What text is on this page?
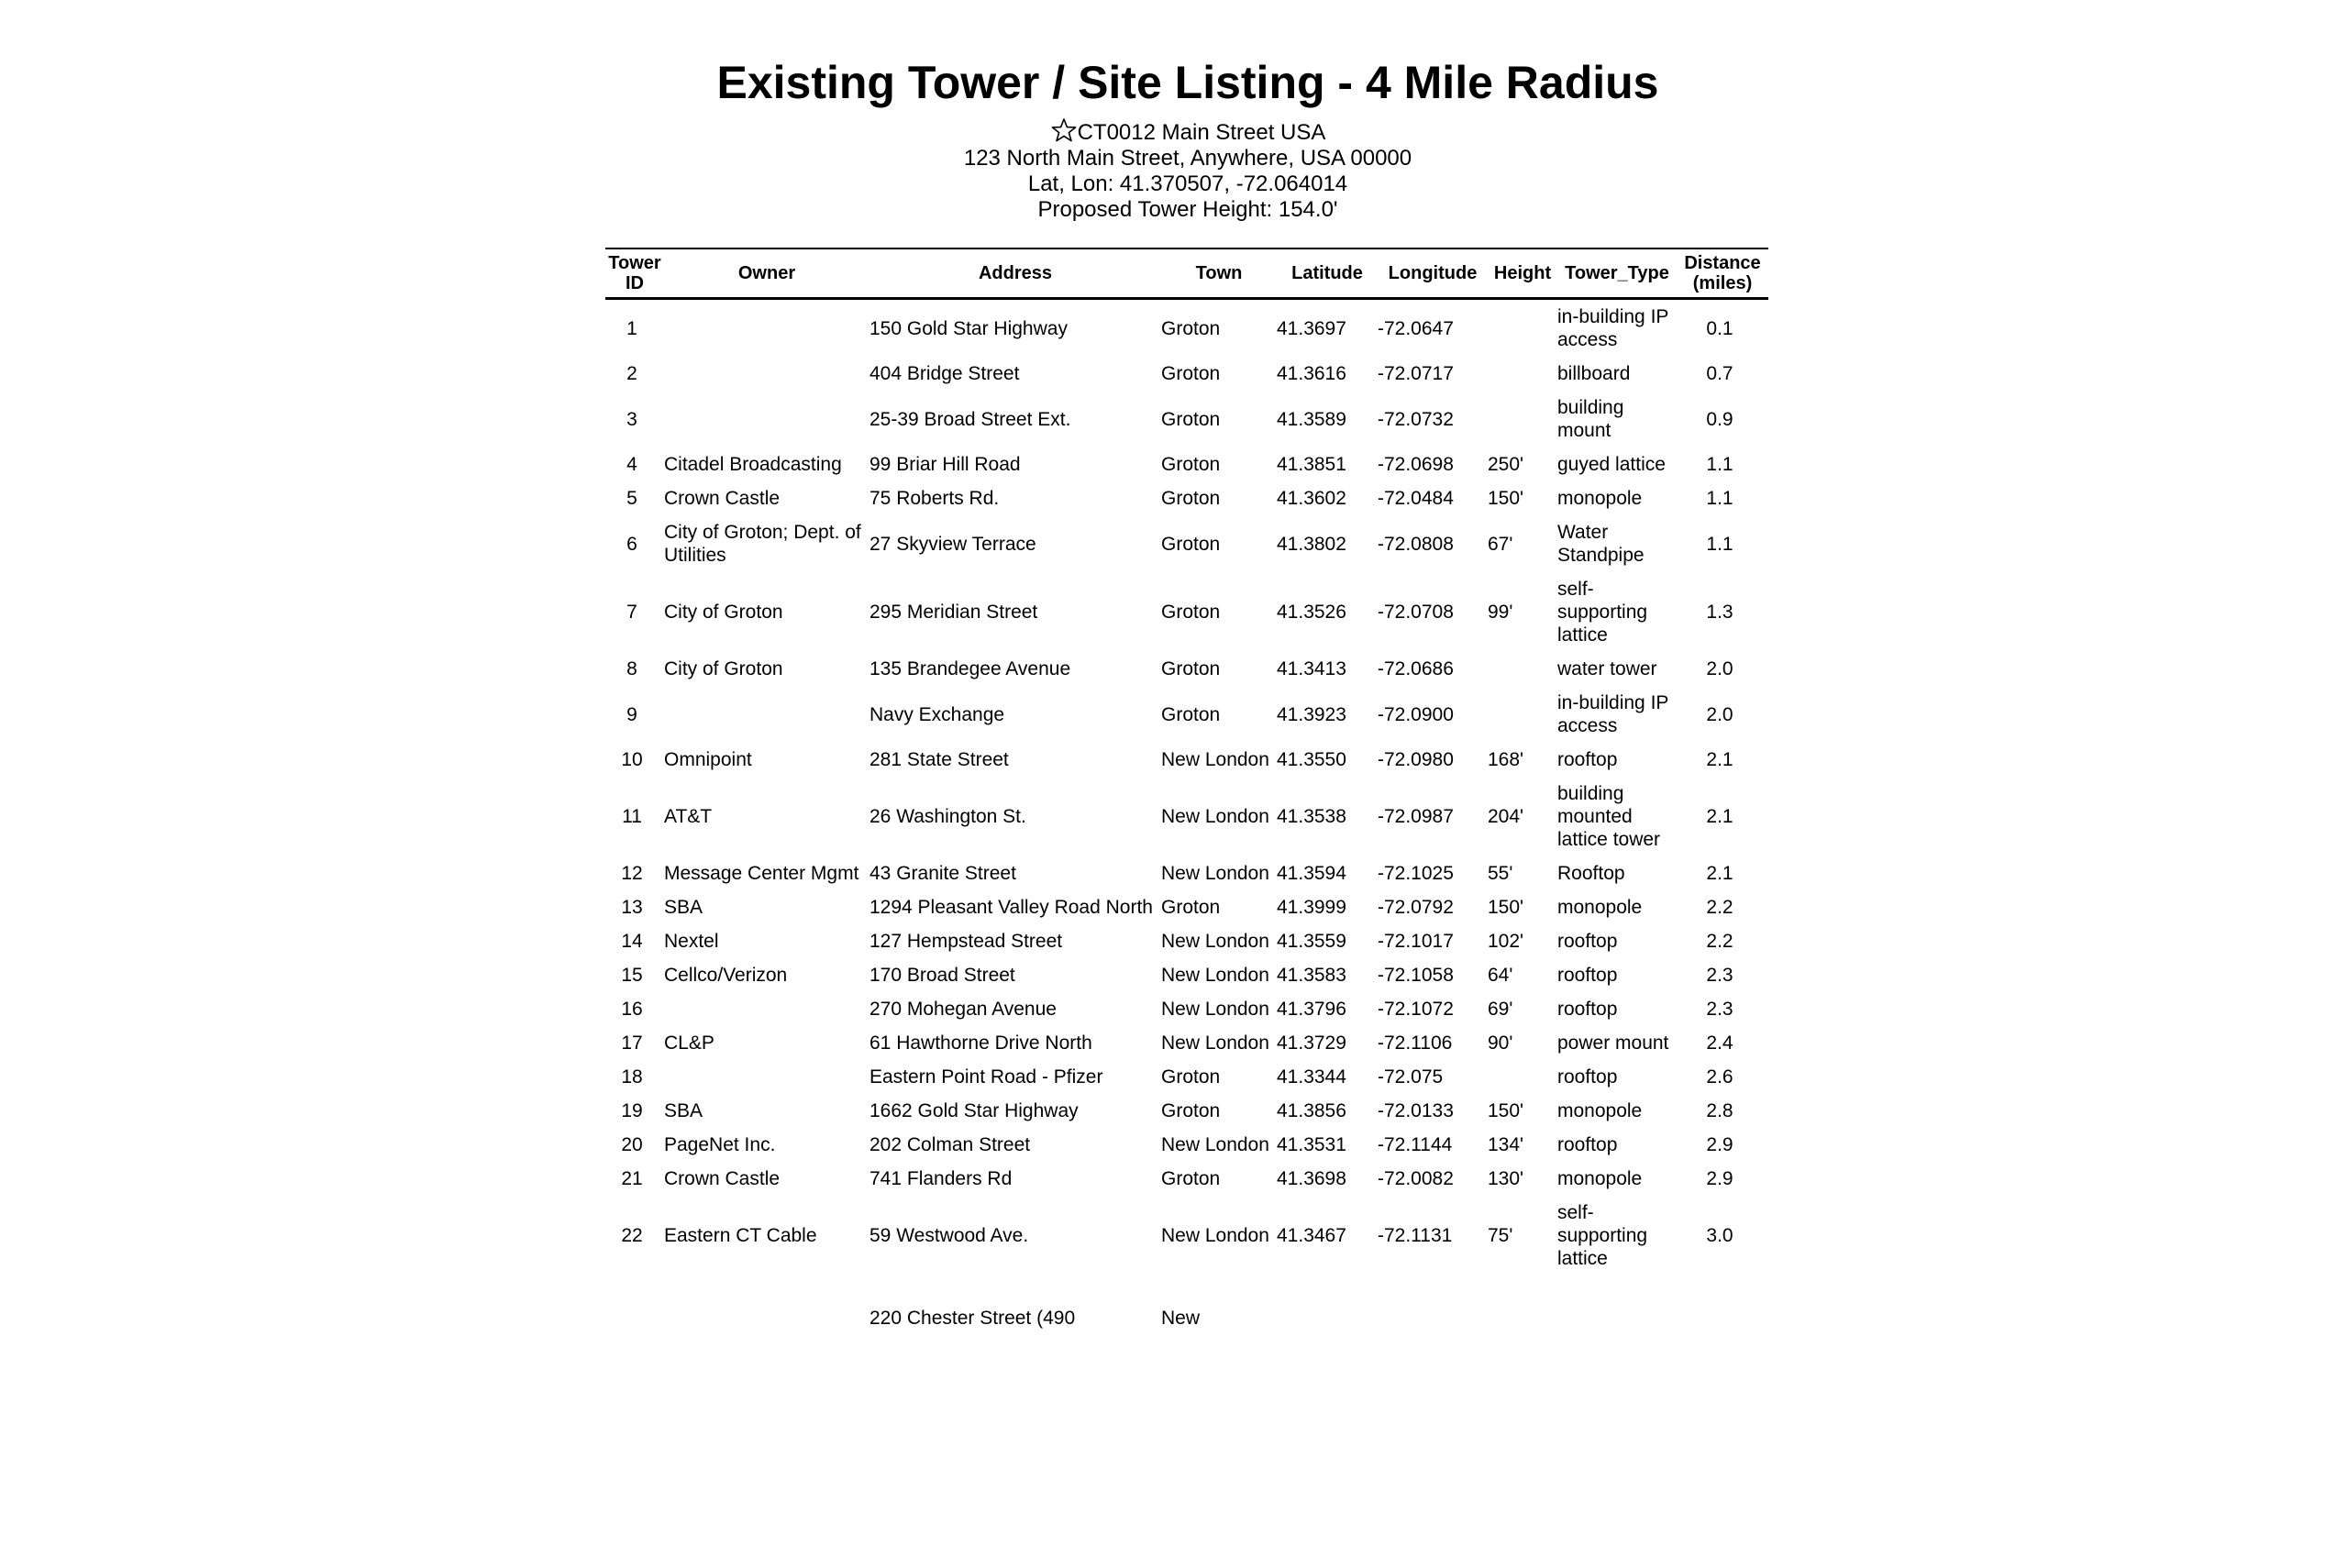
Existing Tower / Site Listing - 4 Mile Radius
CT0012 Main Street USA
123 North Main Street, Anywhere, USA 00000
Lat, Lon: 41.370507, -72.064014
Proposed Tower Height: 154.0'
Tower ID	Owner	Address	Town	Latitude	Longitude	Height	Tower_Type	Distance (miles)
1		150 Gold Star Highway	Groton	41.3697	-72.0647		in-building IP access	0.1
2		404 Bridge Street	Groton	41.3616	-72.0717		billboard	0.7
3		25-39 Broad Street Ext.	Groton	41.3589	-72.0732		building mount	0.9
4	Citadel Broadcasting	99 Briar Hill Road	Groton	41.3851	-72.0698	250'	guyed lattice	1.1
5	Crown Castle	75 Roberts Rd.	Groton	41.3602	-72.0484	150'	monopole	1.1
6	City of Groton; Dept. of Utilities	27 Skyview Terrace	Groton	41.3802	-72.0808	67'	Water Standpipe	1.1
7	City of Groton	295 Meridian Street	Groton	41.3526	-72.0708	99'	self-supporting lattice	1.3
8	City of Groton	135 Brandegee Avenue	Groton	41.3413	-72.0686		water tower	2.0
9		Navy Exchange	Groton	41.3923	-72.0900		in-building IP access	2.0
10	Omnipoint	281 State Street	New London	41.3550	-72.0980	168'	rooftop	2.1
11	AT&T	26 Washington St.	New London	41.3538	-72.0987	204'	building mounted lattice tower	2.1
12	Message Center Mgmt	43 Granite Street	New London	41.3594	-72.1025	55'	Rooftop	2.1
13	SBA	1294 Pleasant Valley Road North	Groton	41.3999	-72.0792	150'	monopole	2.2
14	Nextel	127 Hempstead Street	New London	41.3559	-72.1017	102'	rooftop	2.2
15	Cellco/Verizon	170 Broad Street	New London	41.3583	-72.1058	64'	rooftop	2.3
16		270 Mohegan Avenue	New London	41.3796	-72.1072	69'	rooftop	2.3
17	CL&P	61 Hawthorne Drive North	New London	41.3729	-72.1106	90'	power mount	2.4
18		Eastern Point Road - Pfizer	Groton	41.3344	-72.075		rooftop	2.6
19	SBA	1662 Gold Star Highway	Groton	41.3856	-72.0133	150'	monopole	2.8
20	PageNet Inc.	202 Colman Street	New London	41.3531	-72.1144	134'	rooftop	2.9
21	Crown Castle	741 Flanders Rd	Groton	41.3698	-72.0082	130'	monopole	2.9
22	Eastern CT Cable	59 Westwood Ave.	New London	41.3467	-72.1131	75'	self-supporting lattice	3.0
		220 Chester Street (490	New					
